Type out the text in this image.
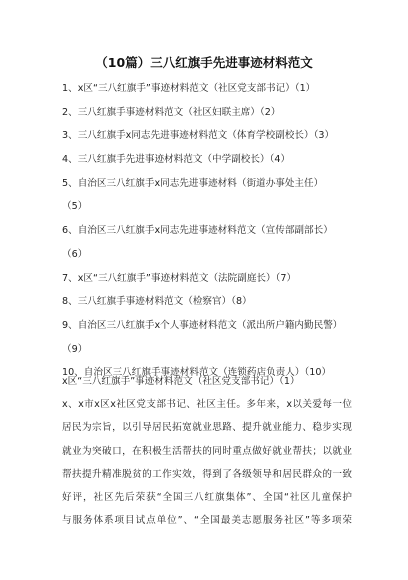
（10篇）三八红旗手先进事迹材料范文
1、x区“三八红旗手”事迹材料范文（社区党支部书记）（1）
2、三八红旗手事迹材料范文（社区妇联主席）（2）
3、三八红旗手x同志先进事迹材料范文（体育学校副校长）（3）
4、三八红旗手先进事迹材料范文（中学副校长）（4）
5、自治区三八红旗手x同志先进事迹材料（街道办事处主任）
（5）
6、自治区三八红旗手x同志先进事迹材料范文（宣传部副部长）
（6）
7、x区“三八红旗手”事迹材料范文（法院副庭长）（7）
8、三八红旗手事迹材料范文（检察官）（8）
9、自治区三八红旗手x个人事迹材料范文（派出所户籍内勤民警）
（9）
10、自治区三八红旗手事迹材料范文（连锁药店负责人）（10）
x区“三八红旗手”事迹材料范文（社区党支部书记）（1）
x、x市x区x社区党支部书记、社区主任。多年来，x以关爱每一位
居民为宗旨，以引导居民拓宽就业思路、提升就业能力、稳步实现
就业为突破口，在积极生活帮扶的同时重点做好就业帮扶；以就业
帮扶提升精准脱贫的工作实效，得到了各级领导和居民群众的一致
好评，社区先后荣获“全国三八红旗集体”、全国“社区儿童保护
与服务体系项目试点单位”、“全国最美志愿服务社区”等多项荣
